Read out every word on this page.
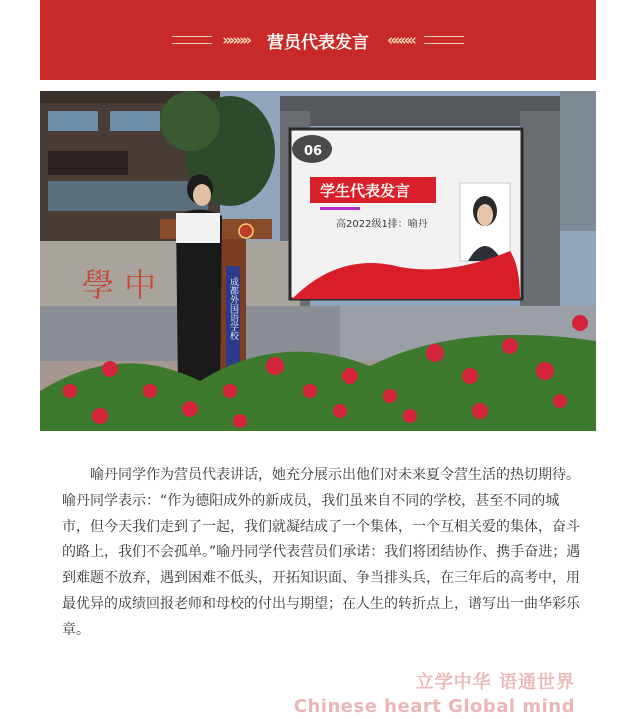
»»»»	营员代表发言	««««
學 中
06
学生代表发言
高2022级1排：喻丹
成都外国语学校

喻丹同学作为营员代表讲话，她充分展示出他们对未来夏令营生活的热切期待。喻丹同学表示：“作为德阳成外的新成员，我们虽来自不同的学校，甚至不同的城市，但今天我们走到了一起，我们就凝结成了一个集体，一个互相关爱的集体，奋斗的路上，我们不会孤单。”喻丹同学代表营员们承诺：我们将团结协作、携手奋进；遇到难题不放弃，遇到困难不低头，开拓知识面、争当排头兵，在三年后的高考中，用最优异的成绩回报老师和母校的付出与期望；在人生的转折点上，谱写出一曲华彩乐章。

立学中华 语通世界
Chinese heart Global mind
